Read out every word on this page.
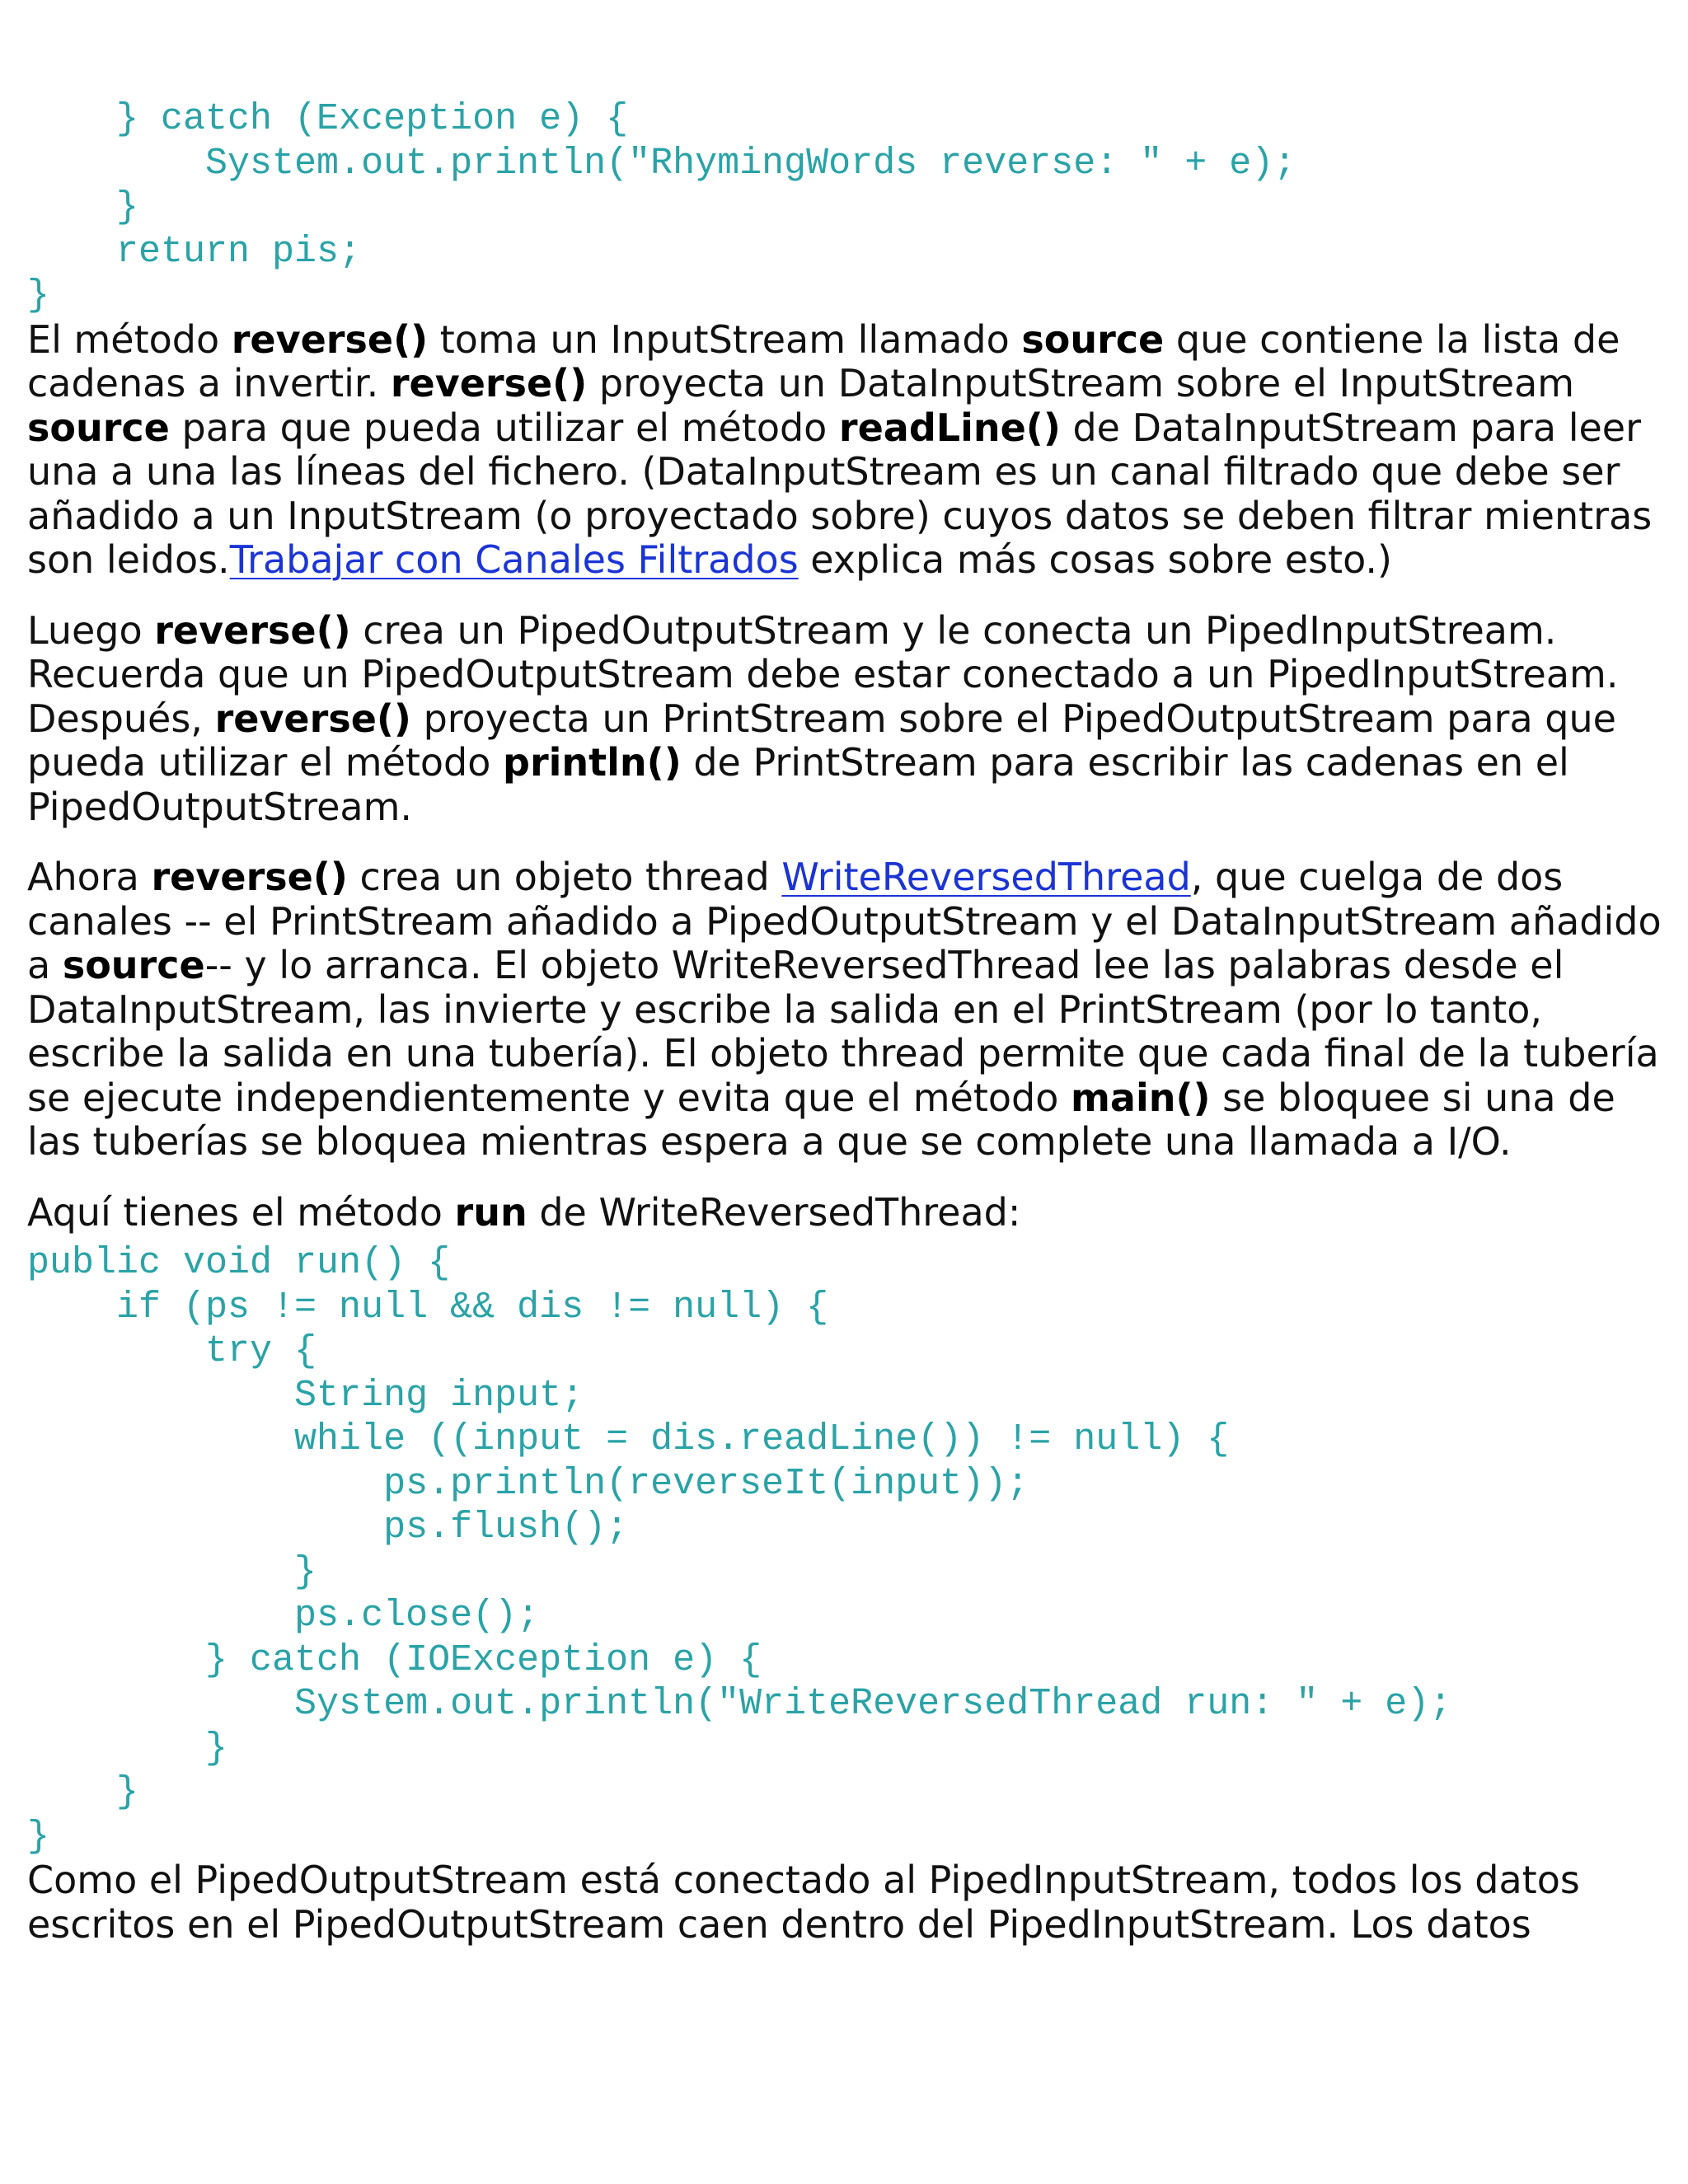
} catch (Exception e) {
System.out.println("RhymingWords reverse: " + e);
}
return pis;
}

El método reverse() toma un InputStream llamado source que contiene la lista de cadenas a invertir. reverse() proyecta un DataInputStream sobre el InputStream source para que pueda utilizar el método readLine() de DataInputStream para leer una a una las líneas del fichero. (DataInputStream es un canal filtrado que debe ser añadido a un InputStream (o proyectado sobre) cuyos datos se deben filtrar mientras son leidos.Trabajar con Canales Filtrados explica más cosas sobre esto.)

Luego reverse() crea un PipedOutputStream y le conecta un PipedInputStream. Recuerda que un PipedOutputStream debe estar conectado a un PipedInputStream. Después, reverse() proyecta un PrintStream sobre el PipedOutputStream para que pueda utilizar el método println() de PrintStream para escribir las cadenas en el PipedOutputStream.

Ahora reverse() crea un objeto thread WriteReversedThread, que cuelga de dos canales -- el PrintStream añadido a PipedOutputStream y el DataInputStream añadido a source-- y lo arranca. El objeto WriteReversedThread lee las palabras desde el DataInputStream, las invierte y escribe la salida en el PrintStream (por lo tanto, escribe la salida en una tubería). El objeto thread permite que cada final de la tubería se ejecute independientemente y evita que el método main() se bloquee si una de las tuberías se bloquea mientras espera a que se complete una llamada a I/O.

Aquí tienes el método run de WriteReversedThread:

public void run() {
if (ps != null && dis != null) {
try {
String input;
while ((input = dis.readLine()) != null) {
ps.println(reverseIt(input));
ps.flush();
}
ps.close();
} catch (IOException e) {
System.out.println("WriteReversedThread run: " + e);
}
}
}

Como el PipedOutputStream está conectado al PipedInputStream, todos los datos escritos en el PipedOutputStream caen dentro del PipedInputStream. Los datos
